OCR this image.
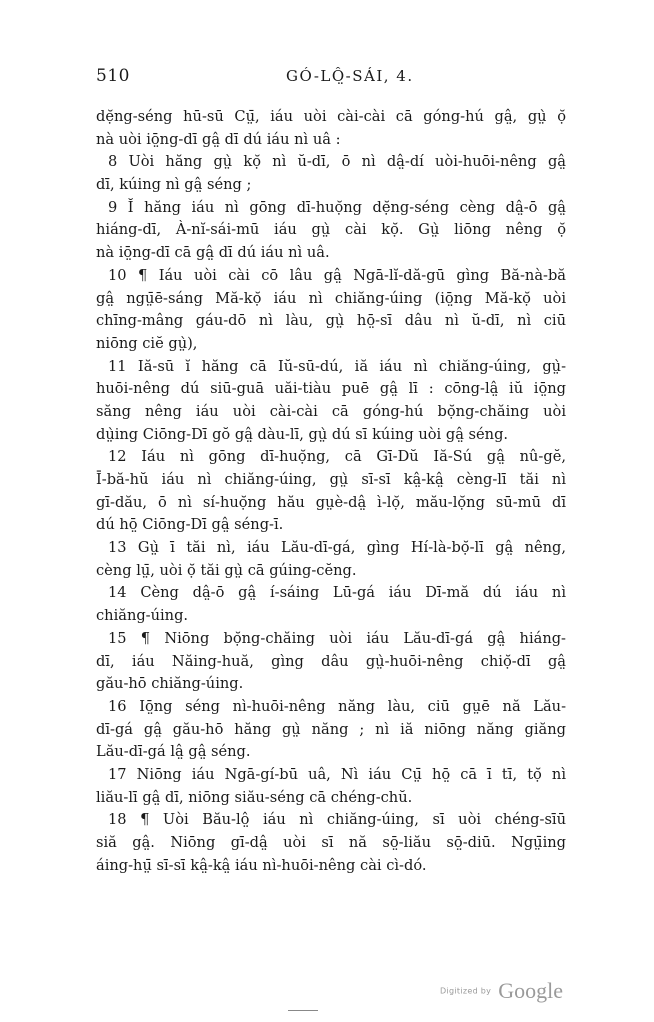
510	GÓ-LÔ̤-SÁI, 4.
dẹ̆ng-séng hū-sū Cṳ̄, iáu uòi cài-cài cā góng-hú gâ̤, gṳ̀ ọ̆
nà uòi iō̤ng-dī gâ̤ dī dú iáu nì uâ :
8 Uòi hăng gṳ̀ kọ̆ nì ŭ-dī, ō nì dâ̤-dí uòi-huōi-nêng gâ̤
dī, kúing nì gâ̤ séng ;
9 Ĭ hăng iáu nì gōng dī-huọ̆ng dẹ̆ng-séng cèng dâ̤-ō gâ̤
hiáng-dī, À-nĭ-sái-mū iáu gṳ̀ cài kọ̆. Gṳ̀ liōng nêng ọ̆
nà iō̤ng-dī cā gâ̤ dī dú iáu nì uâ.
10 ¶ Iáu uòi cài cō lâu gâ̤ Ngā-lĭ-dă-gū gìng Bă-nà-bă
gâ̤ ngṳ̄ē-sáng Mă-kọ̆ iáu nì chiăng-úing (iō̤ng Mă-kọ̆ uòi
chīng-mâng gáu-dō nì làu, gṳ̀ hō̤-sī dâu nì ŭ-dī, nì ciū
niōng ciĕ gṳ̀),
11 Iă-sū ĭ hăng cā Iŭ-sū-dú, iă iáu nì chiăng-úing, gṳ̀-
huōi-nêng dú siū-guā uăi-tiàu puē gâ̤ lī : cōng-lâ̤ iŭ iō̤ng
săng nêng iáu uòi cài-cài cā góng-hú bọ̆ng-chăing uòi
dṳ̀ing Ciōng-Dī gŏ gâ̤ dàu-lī, gṳ̀ dú sī kúing uòi gâ̤ séng.
12 Iáu nì gōng dī-huọ̆ng, cā Gī-Dŭ Iă-Sú gâ̤ nû-gĕ,
Ī-bă-hŭ iáu nì chiăng-úing, gṳ̀ sī-sī kâ̤-kâ̤ cèng-lī tăi nì
gī-dău, ō nì sí-huọ̆ng hău gṳè-dâ̤ ì-lọ̆, mău-lọ̆ng sū-mū dī
dú hō̤ Ciōng-Dī gâ̤ séng-ī.
13 Gṳ̀ ī tăi nì, iáu Lău-dī-gá, gìng Hí-là-bọ̆-lī gâ̤ nêng,
cèng lṳ̄, uòi ọ̆ tăi gṳ̀ cā gúing-cĕng.
14 Cèng dâ̤-ō gâ̤ í-sáing Lū-gá iáu Dī-mă dú iáu nì
chiăng-úing.
15 ¶ Niōng bọ̆ng-chăing uòi iáu Lău-dī-gá gâ̤ hiáng-
dī, iáu Năing-huă, gìng dâu gṳ̀-huōi-nêng chiọ̆-dī gâ̤
gău-hō chiăng-úing.
16 Iō̤ng séng nì-huōi-nêng năng làu, ciū gṳē nă Lău-
dī-gá gâ̤ gău-hō hăng gṳ̀ năng ; nì iă niōng năng giăng
Lău-dī-gá lâ̤ gâ̤ séng.
17 Niōng iáu Ngā-gí-bū uâ, Nì iáu Cṳ̄ hō̤ cā ī tī, tọ̆ nì
liău-lī gâ̤ dī, niōng siău-séng cā chéng-chŭ.
18 ¶ Uòi Bău-lô̤ iáu nì chiăng-úing, sī uòi chéng-sīū
siă gâ̤. Niōng gī-dâ̤ uòi sī nă sō̤-liău sō̤-diū. Ngṳ̄ing
áing-hṳ̄ sī-sī kâ̤-kâ̤ iáu nì-huōi-nêng cài cì-dó.
Digitized by Google
